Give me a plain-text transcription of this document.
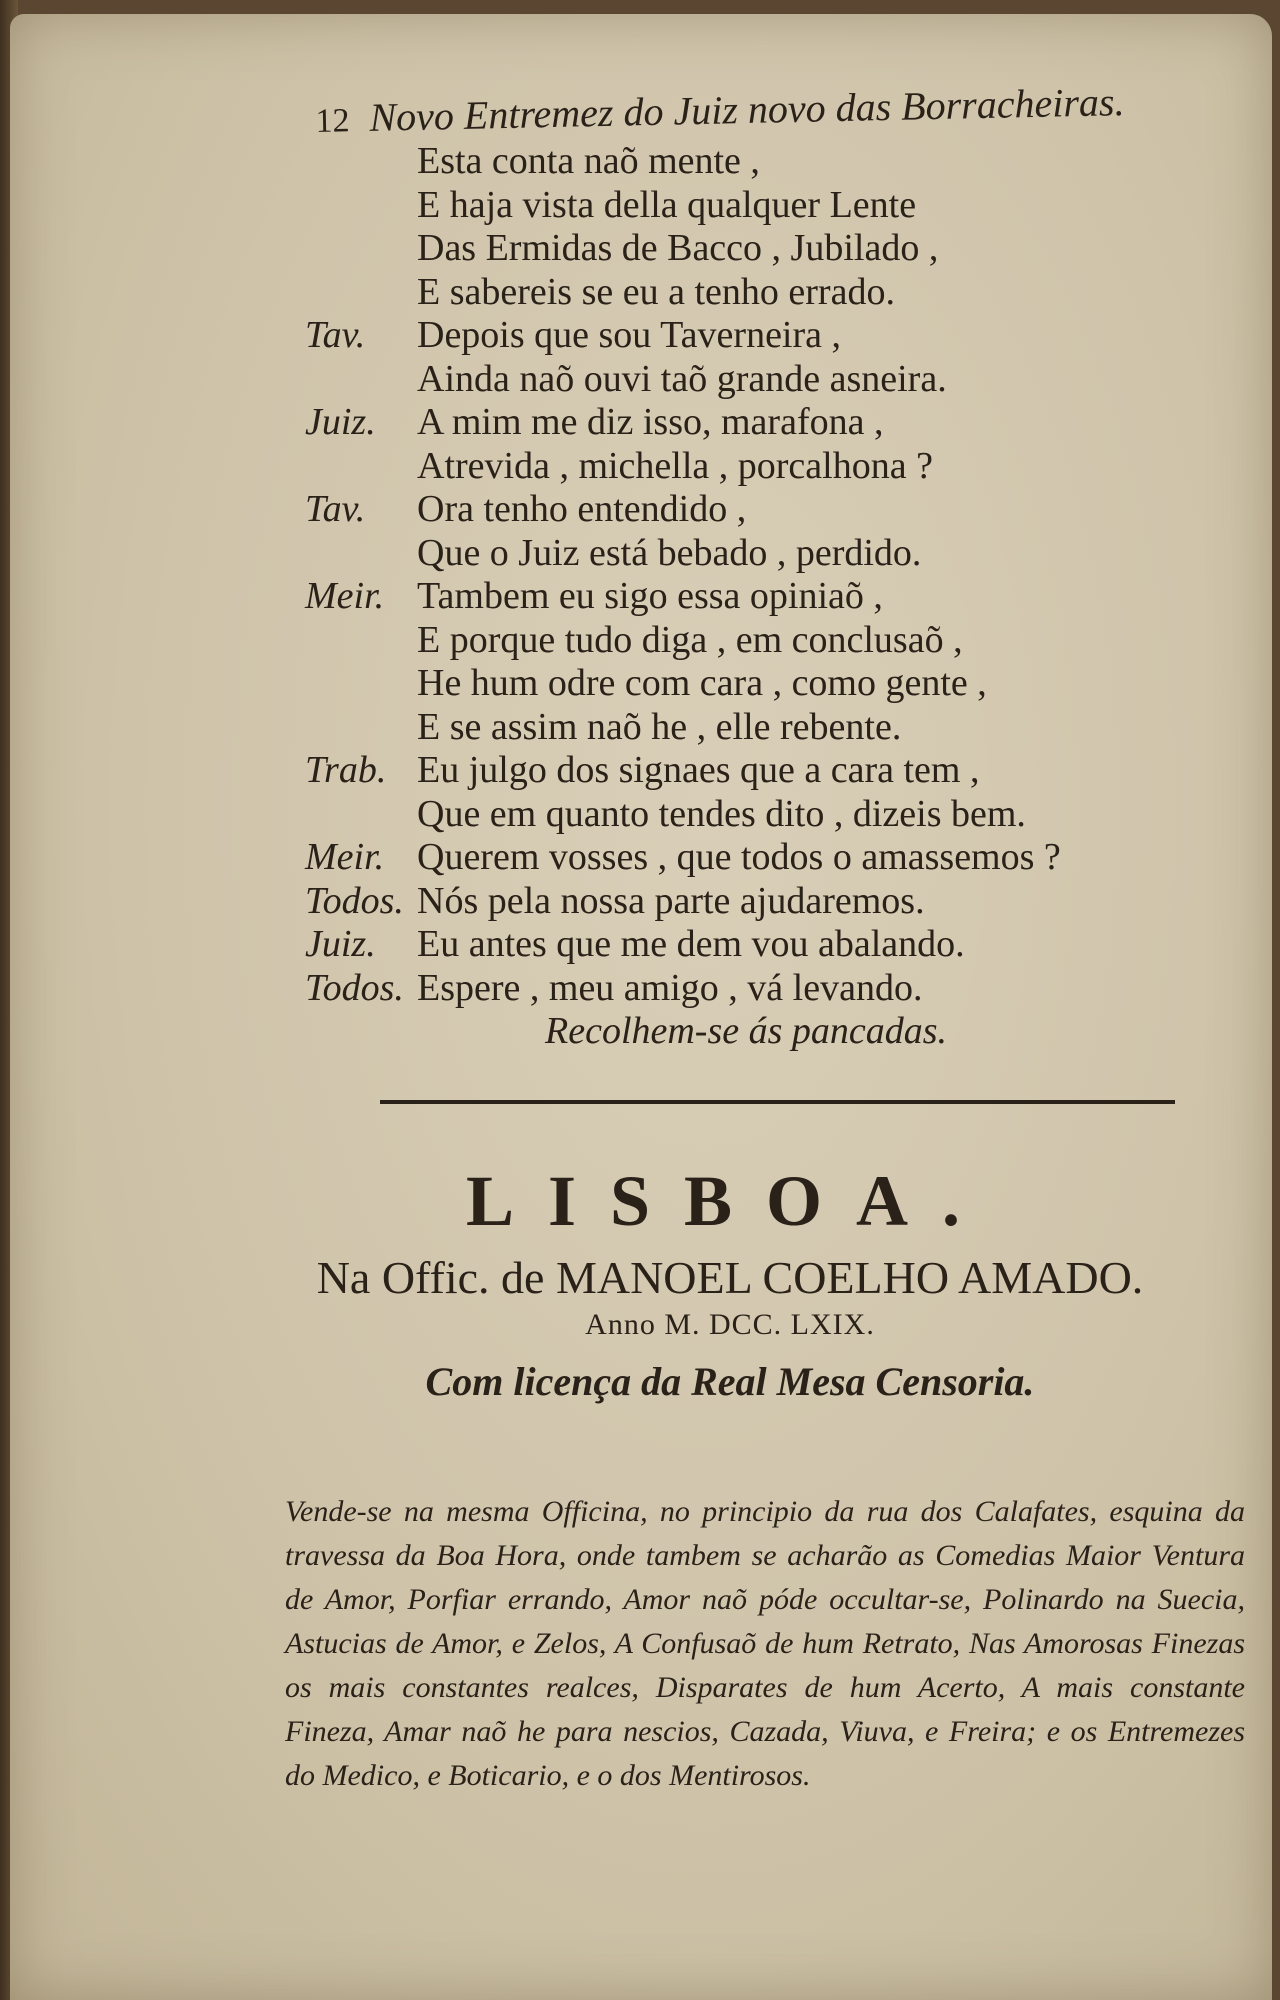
12 Novo Entremez do Juiz novo das Borracheiras.
Esta conta naõ mente ,
E haja vista della qualquer Lente
Das Ermidas de Bacco , Jubilado ,
E sabereis se eu a tenho errado.
Tav.	Depois que sou Taverneira ,
Ainda naõ ouvi taõ grande asneira.
Juiz.	A mim me diz isso, marafona ,
Atrevida , michella , porcalhona ?
Tav.	Ora tenho entendido ,
Que o Juiz está bebado , perdido.
Meir. Tambem eu sigo essa opiniaõ ,
E porque tudo diga , em conclusaõ ,
He hum odre com cara , como gente ,
E se assim naõ he , elle rebente.
Trab. Eu julgo dos signaes que a cara tem ,
Que em quanto tendes dito , dizeis bem.
Meir. Querem vosses , que todos o amassemos ?
Todos. Nós pela nossa parte ajudaremos.
Juiz.	Eu antes que me dem vou abalando.
Todos. Espere , meu amigo , vá levando.
Recolhem-se ás pancadas.
LISBOA.
Na Offic. de MANOEL COELHO AMADO.
Anno M. DCC. LXIX.
Com licença da Real Mesa Censoria.
Vende-se na mesma Officina, no principio da rua dos Calafates, esquina da travessa da Boa Hora, onde tambem se acharão as Comedias Maior Ventura de Amor, Porfiar errando, Amor naõ póde occultar-se, Polinardo na Suecia, Astucias de Amor, e Zelos, A Confusaõ de hum Retrato, Nas Amorosas Finezas os mais constantes realces, Disparates de hum Acerto, A mais constante Fineza, Amar naõ he para nescios, Cazada, Viuva, e Freira; e os Entremezes do Medico, e Boticario, e o dos Mentirosos.
